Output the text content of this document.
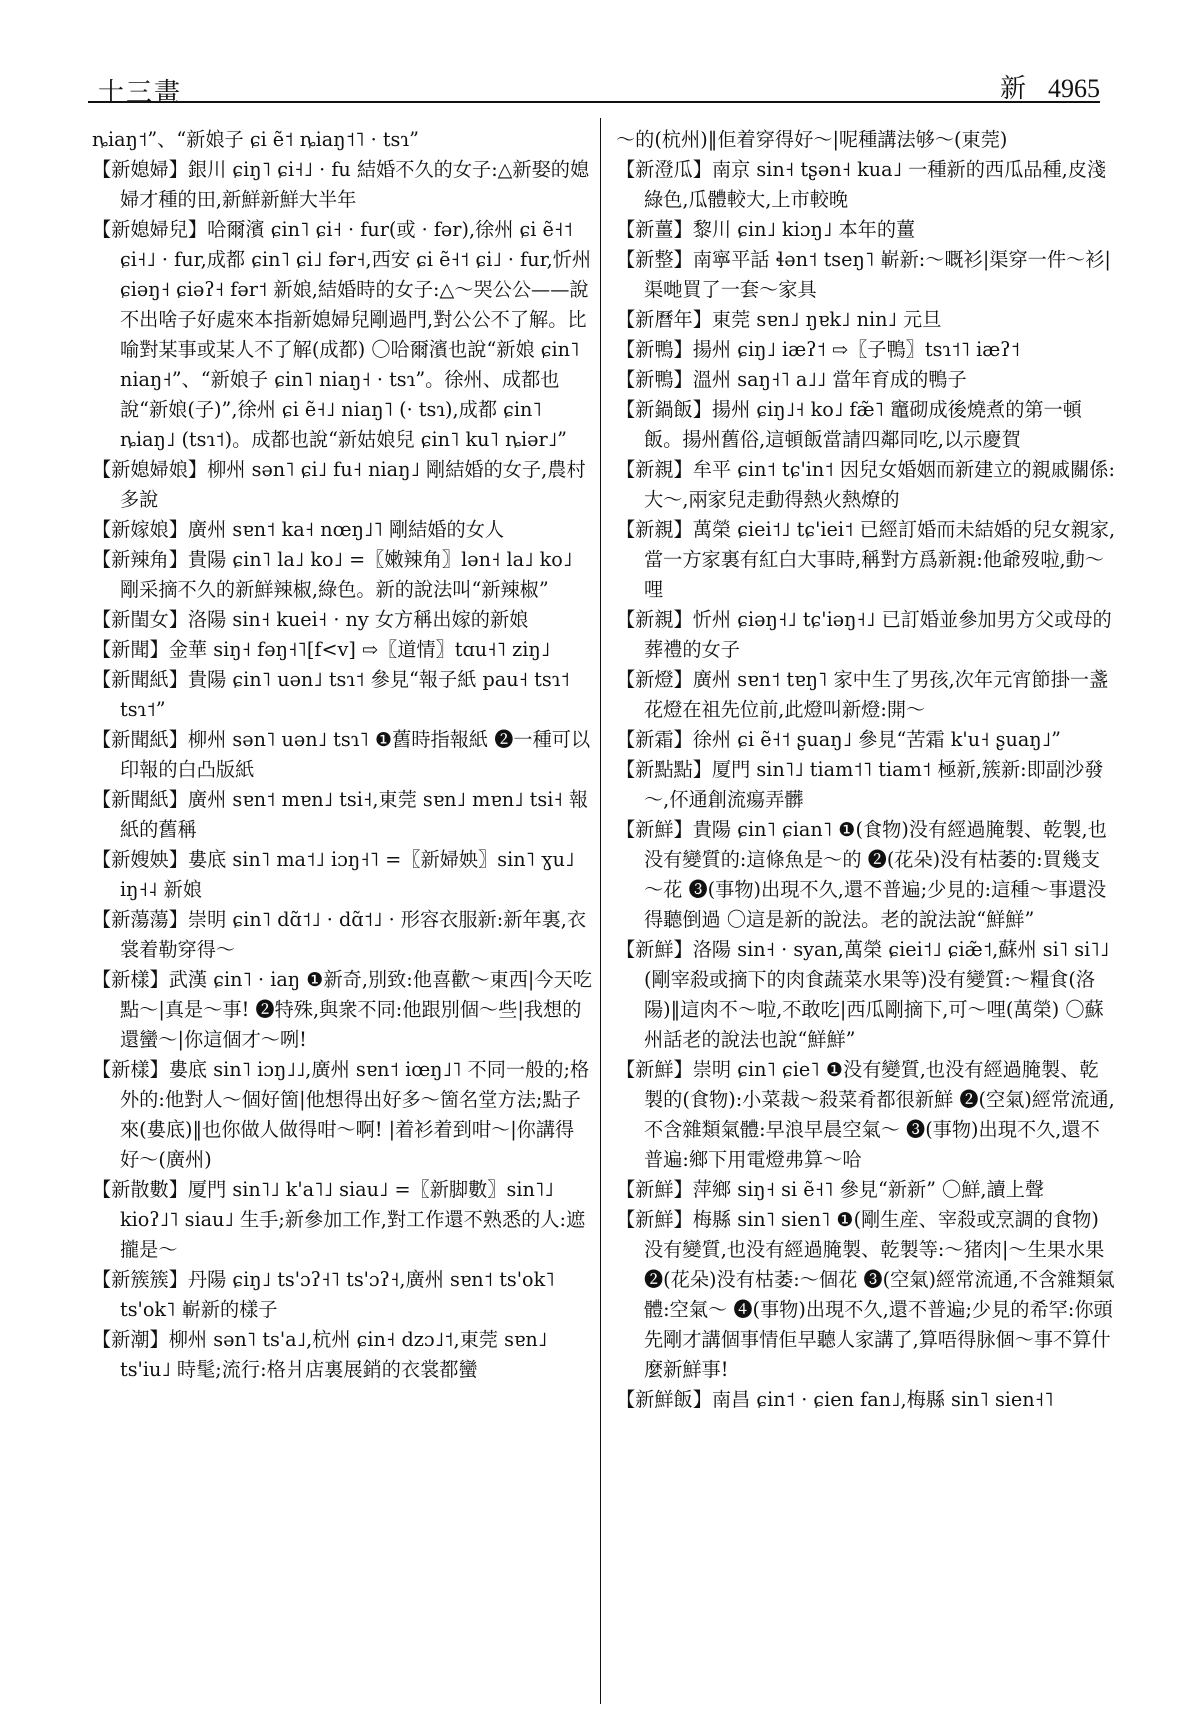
十三畫	新 4965

ȵiaŋ˦”、“新娘子 ɕi ẽ˦ ȵiaŋ˦˥ · tsɿ”

【新媳婦】銀川 ɕiŋ˥ ɕi˧˩ · fu 結婚不久的女子:△新娶的媳婦才種的田,新鮮新鮮大半年

【新媳婦兒】哈爾濱 ɕin˥ ɕi˧ · fur(或 · fər),徐州 ɕi ẽ˧˦ ɕi˧˩ · fur,成都 ɕin˥ ɕi˩ fər˧,西安 ɕi ẽ˧˦ ɕi˩ · fur,忻州 ɕiəŋ˧ ɕiəʔ˧ fər˦ 新娘,結婚時的女子:△～哭公公——說不出啥子好處來本指新媳婦兒剛過門,對公公不了解。比喻對某事或某人不了解(成都) 〇哈爾濱也說“新娘 ɕin˥ niaŋ˧”、“新娘子 ɕin˥ niaŋ˧ · tsɿ”。徐州、成都也說“新娘(子)”,徐州 ɕi ẽ˧˩ niaŋ˥ (· tsɿ),成都 ɕin˥ ȵiaŋ˩ (tsɿ˦)。成都也說“新姑娘兒 ɕin˥ ku˥ ȵiər˩”

【新媳婦娘】柳州 sən˥ ɕi˩ fu˧ niaŋ˩ 剛結婚的女子,農村多說

【新嫁娘】廣州 sɐn˦ ka˧ nœŋ˩˥ 剛結婚的女人

【新辣角】貴陽 ɕin˥ la˩ ko˩ =〖嫩辣角〗lən˧ la˩ ko˩ 剛采摘不久的新鮮辣椒,綠色。新的說法叫“新辣椒”

【新閨女】洛陽 sin˧ kuei˧ · ny 女方稱出嫁的新娘

【新聞】金華 siŋ˧ fəŋ˧˥[f<v] ⇨〖道情〗tɑu˧˥ ziŋ˩

【新聞紙】貴陽 ɕin˥ uən˩ tsɿ˦ 參見“報子紙 pau˧ tsɿ˦ tsɿ˦”

【新聞紙】柳州 sən˥ uən˩ tsɿ˥ ❶舊時指報紙 ❷一種可以印報的白凸版紙

【新聞紙】廣州 sɐn˦ mɐn˩ tsi˧,東莞 sɐn˩ mɐn˩ tsi˧ 報紙的舊稱

【新嫂姎】婁底 sin˥ ma˦˩ iɔŋ˧˥ =〖新婦姎〗sin˥ ɣu˩ iŋ˧˨ 新娘

【新蕩蕩】崇明 ɕin˥ dɑ̃˦˩ · dɑ̃˦˩ · 形容衣服新:新年裏,衣裳着勒穿得～

【新樣】武漢 ɕin˥ · iaŋ ❶新奇,別致:他喜歡～東西|今天吃點～|真是～事! ❷特殊,與衆不同:他跟別個～些|我想的還蠻～|你這個才～咧!

【新樣】婁底 sin˥ iɔŋ˩˩,廣州 sɐn˦ iœŋ˩˥ 不同一般的;格外的:他對人～個好箇|他想得出好多～箇名堂方法;點子來(婁底)‖也你做人做得咁～啊! |着衫着到咁～|你講得好～(廣州)

【新散數】厦門 sin˥˩ k'a˥˩ siau˩ =〖新脚數〗sin˥˩ kioʔ˩˥ siau˩ 生手;新參加工作,對工作還不熟悉的人:遮攏是～

【新簇簇】丹陽 ɕiŋ˩ ts'ɔʔ˧˥ ts'ɔʔ˧,廣州 sɐn˦ ts'ok˥ ts'ok˥ 嶄新的樣子

【新潮】柳州 sən˥ ts'a˩,杭州 ɕin˧ dzɔ˩˦,東莞 sɐn˩ ts'iu˩ 時髦;流行:格爿店裏展銷的衣裳都蠻

～的(杭州)‖佢着穿得好～|呢種講法够～(東莞)

【新澄瓜】南京 sin˧ tʂən˧ kua˩ 一種新的西瓜品種,皮淺綠色,瓜體較大,上市較晚

【新薑】黎川 ɕin˩ kiɔŋ˩ 本年的薑

【新整】南寧平話 ɬən˦ tseŋ˥ 嶄新:～嘅衫|渠穿一件～衫|渠哋買了一套～家具

【新曆年】東莞 sɐn˩ ŋɐk˩ nin˩ 元旦

【新鴨】揚州 ɕiŋ˩ iæʔ˦ ⇨〖子鴨〗tsɿ˦˥ iæʔ˦

【新鴨】溫州 saŋ˧˥ a˩˩ 當年育成的鴨子

【新鍋飯】揚州 ɕiŋ˩˧ ko˩ fæ̃˥ 竈砌成後燒煮的第一頓飯。揚州舊俗,這頓飯當請四鄰同吃,以示慶賀

【新親】牟平 ɕin˦ tɕ'in˦ 因兒女婚姻而新建立的親戚關係:大～,兩家兒走動得熱火熱燎的

【新親】萬榮 ɕiei˦˩ tɕ'iei˦ 已經訂婚而未結婚的兒女親家,當一方家裏有紅白大事時,稱對方爲新親:他爺歿啦,動～哩

【新親】忻州 ɕiəŋ˧˩ tɕ'iəŋ˧˩ 已訂婚並參加男方父或母的葬禮的女子

【新燈】廣州 sɐn˦ tɐŋ˥ 家中生了男孩,次年元宵節掛一盞花燈在祖先位前,此燈叫新燈:開～

【新霜】徐州 ɕi ẽ˧˦ ʂuaŋ˩ 參見“苦霜 k'u˧ ʂuaŋ˩”

【新點點】厦門 sin˥˩ tiam˦˥ tiam˦ 極新,簇新:即副沙發～,伓通創流瘍弄髒

【新鮮】貴陽 ɕin˥ ɕian˥ ❶(食物)没有經過腌製、乾製,也没有變質的:這條魚是～的 ❷(花朵)没有枯萎的:買幾支～花 ❸(事物)出現不久,還不普遍;少見的:這種～事還没得聽倒過 〇這是新的說法。老的說法說“鮮鮮”

【新鮮】洛陽 sin˧ · syan,萬榮 ɕiei˦˩ ɕiæ̃˦,蘇州 si˥ si˥˩ (剛宰殺或摘下的肉食蔬菜水果等)没有變質:～糧食(洛陽)‖這肉不～啦,不敢吃|西瓜剛摘下,可～哩(萬榮) 〇蘇州話老的說法也說“鮮鮮”

【新鮮】崇明 ɕin˥ ɕie˥ ❶没有變質,也没有經過腌製、乾製的(食物):小菜裁～殺菜肴都很新鮮 ❷(空氣)經常流通,不含雜類氣體:早浪早晨空氣～ ❸(事物)出現不久,還不普遍:鄉下用電燈弗算～哈

【新鮮】萍鄉 siŋ˧ si ẽ˧˥ 參見“新新” 〇鮮,讀上聲

【新鮮】梅縣 sin˥ sien˥ ❶(剛生産、宰殺或烹調的食物)没有變質,也没有經過腌製、乾製等:～猪肉|～生果水果 ❷(花朵)没有枯萎:～個花 ❸(空氣)經常流通,不含雜類氣體:空氣～ ❹(事物)出現不久,還不普遍;少見的希罕:你頭先剛才講個事情佢早聽人家講了,算唔得脉個～事不算什麼新鮮事!

【新鮮飯】南昌 ɕin˦ · ɕien fan˩,梅縣 sin˥ sien˧˥
